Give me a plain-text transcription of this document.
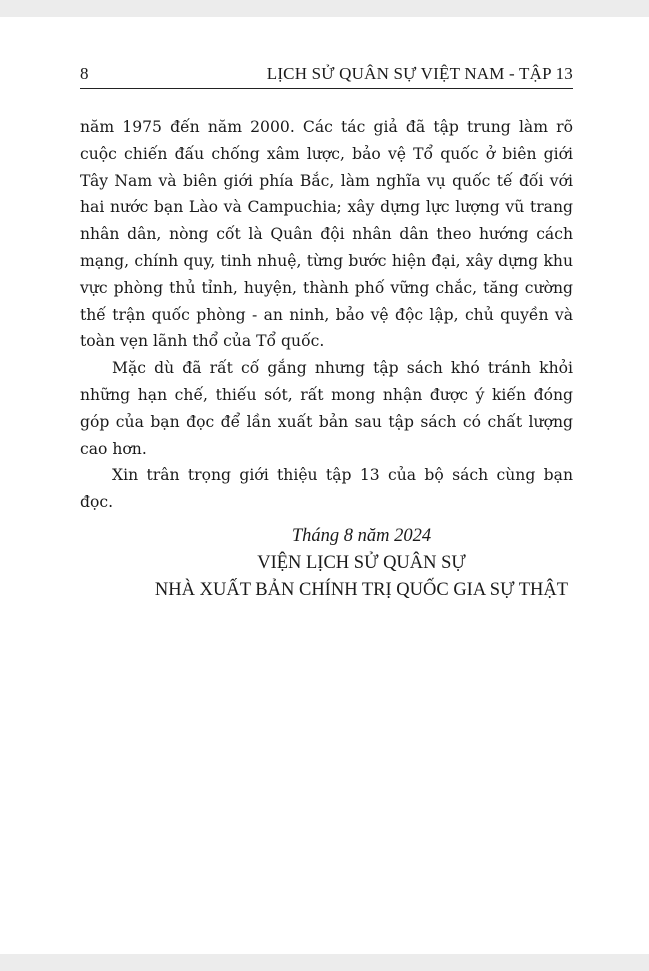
8	LỊCH SỬ QUÂN SỰ VIỆT NAM - TẬP 13

năm 1975 đến năm 2000. Các tác giả đã tập trung làm rõ cuộc chiến đấu chống xâm lược, bảo vệ Tổ quốc ở biên giới Tây Nam và biên giới phía Bắc, làm nghĩa vụ quốc tế đối với hai nước bạn Lào và Campuchia; xây dựng lực lượng vũ trang nhân dân, nòng cốt là Quân đội nhân dân theo hướng cách mạng, chính quy, tinh nhuệ, từng bước hiện đại, xây dựng khu vực phòng thủ tỉnh, huyện, thành phố vững chắc, tăng cường thế trận quốc phòng - an ninh, bảo vệ độc lập, chủ quyền và toàn vẹn lãnh thổ của Tổ quốc.

Mặc dù đã rất cố gắng nhưng tập sách khó tránh khỏi những hạn chế, thiếu sót, rất mong nhận được ý kiến đóng góp của bạn đọc để lần xuất bản sau tập sách có chất lượng cao hơn.

Xin trân trọng giới thiệu tập 13 của bộ sách cùng bạn đọc.

Tháng 8 năm 2024
VIỆN LỊCH SỬ QUÂN SỰ
NHÀ XUẤT BẢN CHÍNH TRỊ QUỐC GIA SỰ THẬT
